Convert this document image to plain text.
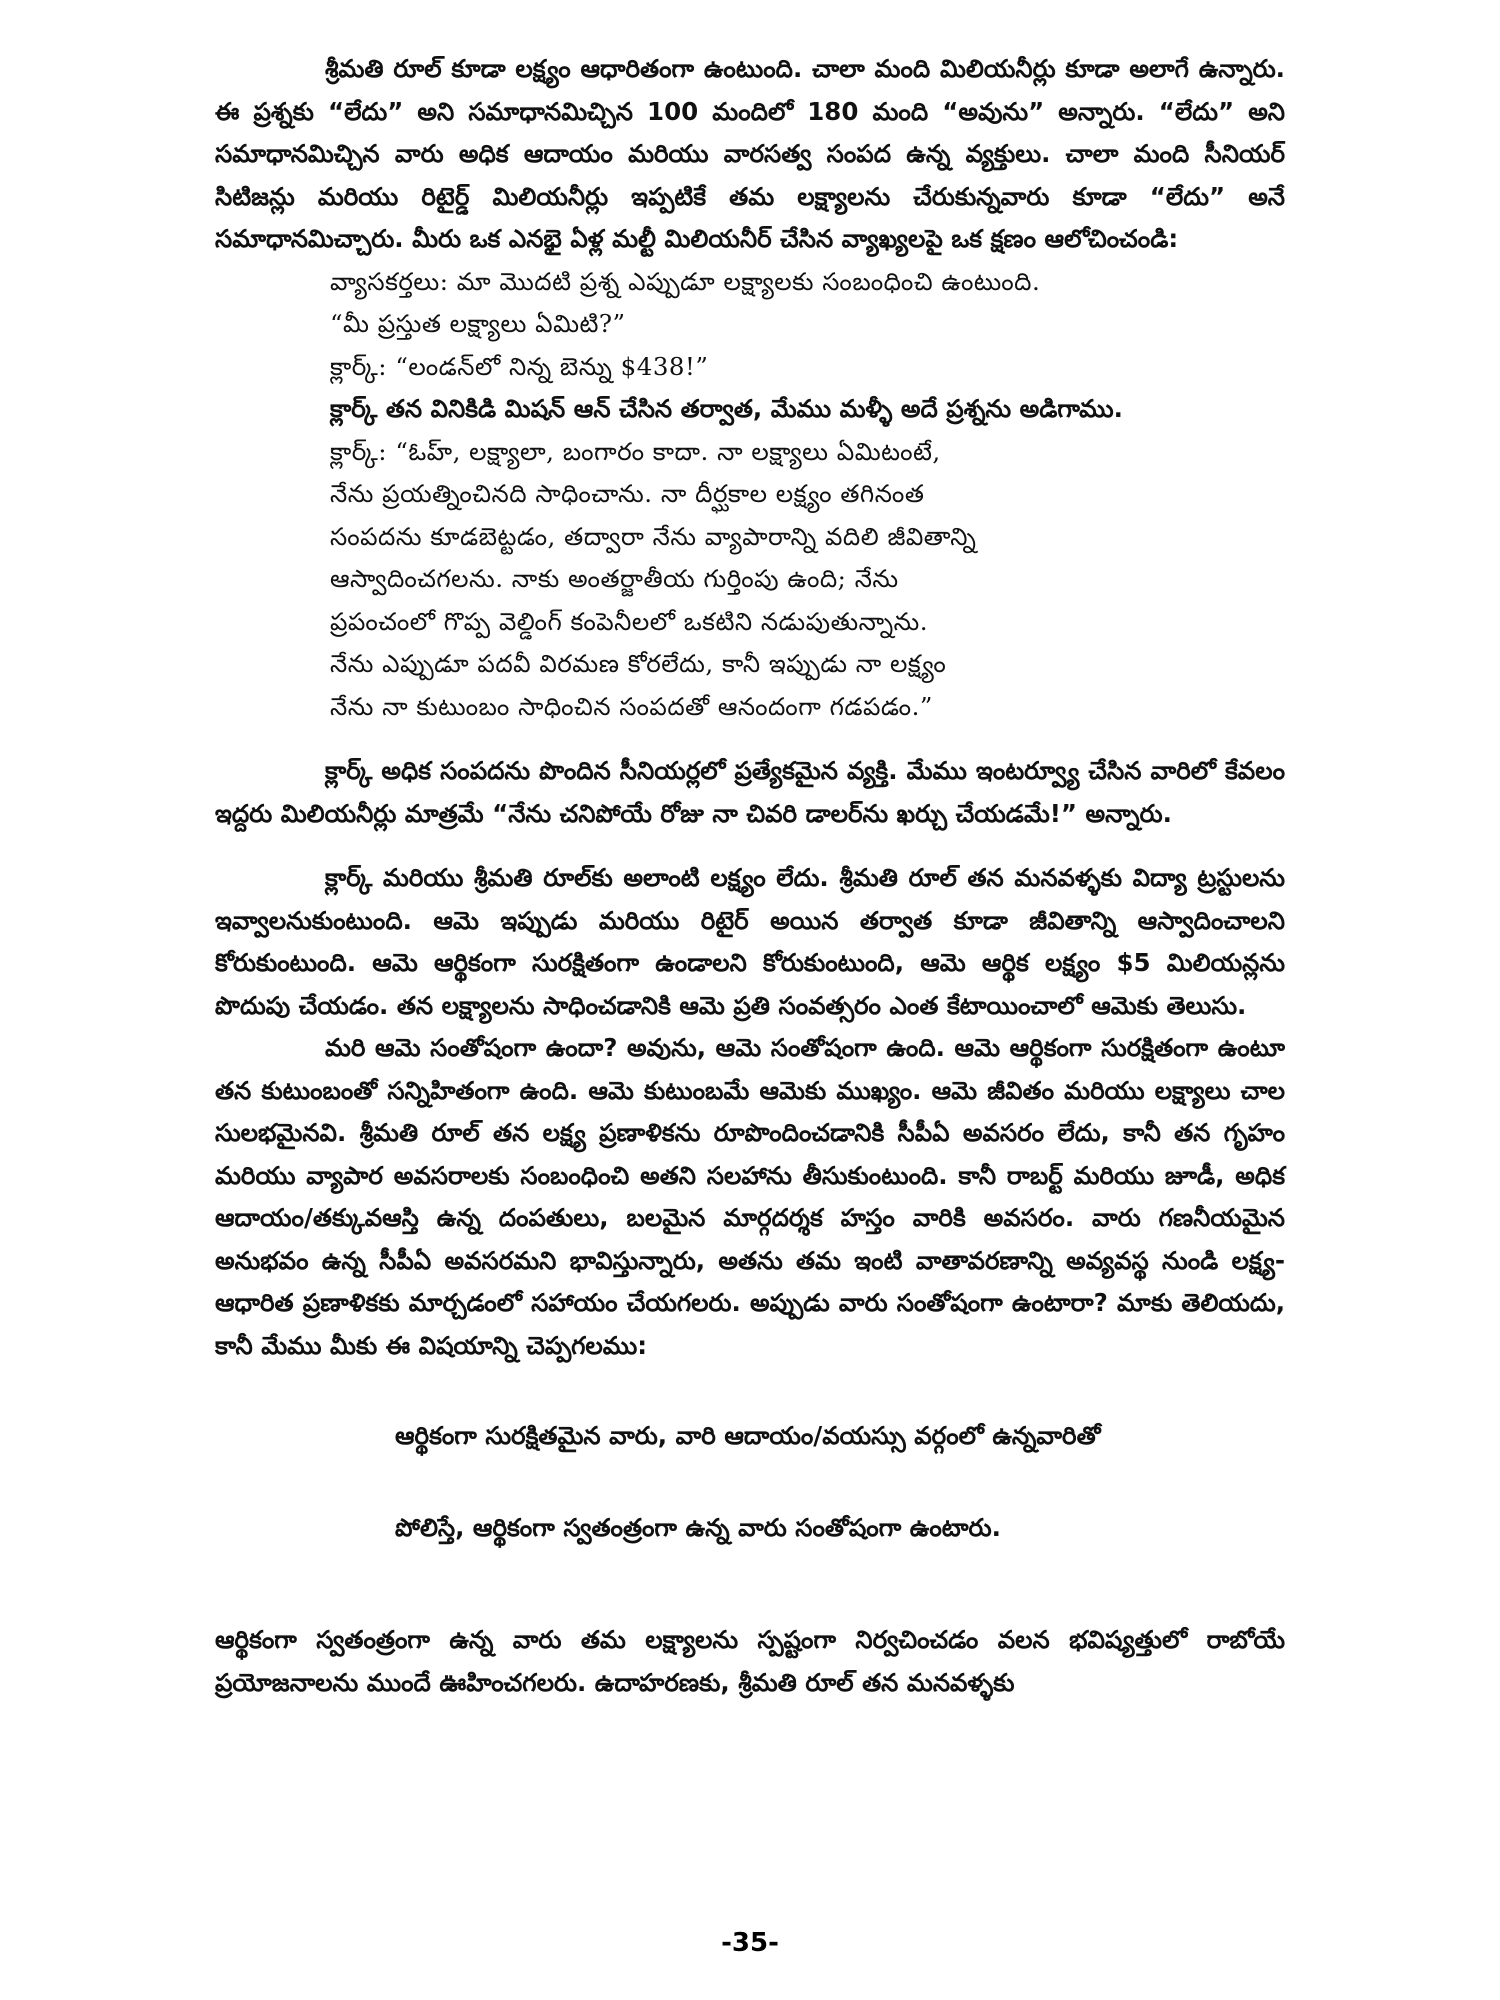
శ్రీమతి రూల్ కూడా లక్ష్యం ఆధారితంగా ఉంటుంది. చాలా మంది మిలియనీర్లు కూడా అలాగే ఉన్నారు. ఈ ప్రశ్నకు “లేదు” అని సమాధానమిచ్చిన 100 మందిలో 180 మంది “అవును” అన్నారు. “లేదు” అని సమాధానమిచ్చిన వారు అధిక ఆదాయం మరియు వారసత్వ సంపద ఉన్న వ్యక్తులు. చాలా మంది సీనియర్ సిటిజన్లు మరియు రిటైర్డ్ మిలియనీర్లు ఇప్పటికే తమ లక్ష్యాలను చేరుకున్నవారు కూడా “లేదు” అనే సమాధానమిచ్చారు. మీరు ఒక ఎనభై ఏళ్ల మల్టీ మిలియనీర్ చేసిన వ్యాఖ్యలపై ఒక క్షణం ఆలోచించండి:

వ్యాసకర్తలు: మా మొదటి ప్రశ్న ఎప్పుడూ లక్ష్యాలకు సంబంధించి ఉంటుంది.
“మీ ప్రస్తుత లక్ష్యాలు ఏమిటి?”

క్లార్క్: “లండన్‌లో నిన్న బెన్ను $438!”

క్లార్క్ తన వినికిడి మిషన్ ఆన్ చేసిన తర్వాత, మేము మళ్ళీ అదే ప్రశ్నను అడిగాము.

క్లార్క్: “ఓహ్, లక్ష్యాలా, బంగారం కాదా. నా లక్ష్యాలు ఏమిటంటే,
నేను ప్రయత్నించినది సాధించాను. నా దీర్ఘకాల లక్ష్యం తగినంత
సంపదను కూడబెట్టడం, తద్వారా నేను వ్యాపారాన్ని వదిలి జీవితాన్ని
ఆస్వాదించగలను. నాకు అంతర్జాతీయ గుర్తింపు ఉంది; నేను
ప్రపంచంలో గొప్ప వెల్డింగ్ కంపెనీలలో ఒకటిని నడుపుతున్నాను.
నేను ఎప్పుడూ పదవీ విరమణ కోరలేదు, కానీ ఇప్పుడు నా లక్ష్యం
నేను నా కుటుంబం సాధించిన సంపదతో ఆనందంగా గడపడం.”

క్లార్క్ అధిక సంపదను పొందిన సీనియర్లలో ప్రత్యేకమైన వ్యక్తి. మేము ఇంటర్వ్యూ చేసిన వారిలో కేవలం ఇద్దరు మిలియనీర్లు మాత్రమే “నేను చనిపోయే రోజు నా చివరి డాలర్‌ను ఖర్చు చేయడమే!” అన్నారు.

క్లార్క్ మరియు శ్రీమతి రూల్‌కు అలాంటి లక్ష్యం లేదు. శ్రీమతి రూల్ తన మనవళ్ళకు విద్యా ట్రస్టులను ఇవ్వాలనుకుంటుంది. ఆమె ఇప్పుడు మరియు రిటైర్ అయిన తర్వాత కూడా జీవితాన్ని ఆస్వాదించాలని కోరుకుంటుంది. ఆమె ఆర్థికంగా సురక్షితంగా ఉండాలని కోరుకుంటుంది, ఆమె ఆర్థిక లక్ష్యం $5 మిలియన్లను పొదుపు చేయడం. తన లక్ష్యాలను సాధించడానికి ఆమె ప్రతి సంవత్సరం ఎంత కేటాయించాలో ఆమెకు తెలుసు.

మరి ఆమె సంతోషంగా ఉందా? అవును, ఆమె సంతోషంగా ఉంది. ఆమె ఆర్థికంగా సురక్షితంగా ఉంటూ తన కుటుంబంతో సన్నిహితంగా ఉంది. ఆమె కుటుంబమే ఆమెకు ముఖ్యం. ఆమె జీవితం మరియు లక్ష్యాలు చాల సులభమైనవి. శ్రీమతి రూల్ తన లక్ష్య ప్రణాళికను రూపొందించడానికి సీపీఏ అవసరం లేదు, కానీ తన గృహం మరియు వ్యాపార అవసరాలకు సంబంధించి అతని సలహాను తీసుకుంటుంది. కానీ రాబర్ట్ మరియు జూడీ, అధిక ఆదాయం/తక్కువఆస్తి ఉన్న దంపతులు, బలమైన మార్గదర్శక హస్తం వారికి అవసరం. వారు గణనీయమైన అనుభవం ఉన్న సీపీఏ అవసరమని భావిస్తున్నారు, అతను తమ ఇంటి వాతావరణాన్ని అవ్యవస్థ నుండి లక్ష్య- ఆధారిత ప్రణాళికకు మార్చడంలో సహాయం చేయగలరు. అప్పుడు వారు సంతోషంగా ఉంటారా? మాకు తెలియదు, కానీ మేము మీకు ఈ విషయాన్ని చెప్పగలము:

ఆర్థికంగా సురక్షితమైన వారు, వారి ఆదాయం/వయస్సు వర్గంలో ఉన్నవారితో

పోలిస్తే, ఆర్థికంగా స్వతంత్రంగా ఉన్న వారు సంతోషంగా ఉంటారు.

ఆర్థికంగా స్వతంత్రంగా ఉన్న వారు తమ లక్ష్యాలను స్పష్టంగా నిర్వచించడం వలన భవిష్యత్తులో రాబోయే ప్రయోజనాలను ముందే ఊహించగలరు. ఉదాహరణకు, శ్రీమతి రూల్ తన మనవళ్ళకు

-35-
